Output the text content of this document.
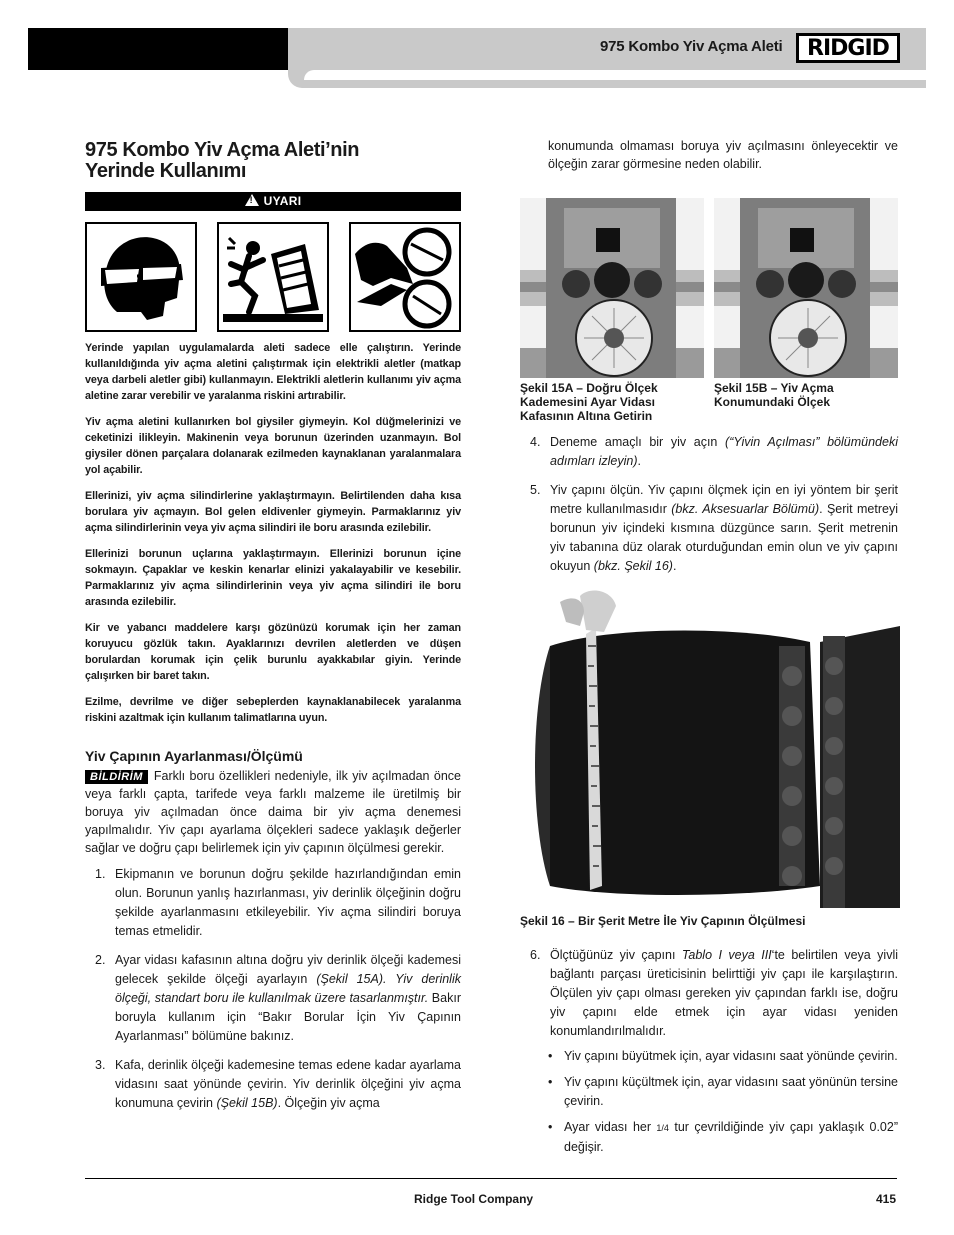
975 Kombo Yiv Açma Aleti	RIDGID
975 Kombo Yiv Açma Aleti’nin
Yerinde Kullanımı
!UYARI

Yerinde yapılan uygulamalarda aleti sadece elle çalıştırın. Yerinde kullanıldığında yiv açma aletini çalıştırmak için elektrikli aletler (matkap veya darbeli aletler gibi) kullanmayın. Elektrikli aletlerin kullanımı yiv açma aletine zarar verebilir ve yaralanma riskini artırabilir.

Yiv açma aletini kullanırken bol giysiler giymeyin. Kol düğmelerinizi ve ceketinizi ilikleyin. Makinenin veya borunun üzerinden uzanmayın. Bol giysiler dönen parçalara dolanarak ezilmeden kaynaklanan yaralanmalara yol açabilir.

Ellerinizi, yiv açma silindirlerine yaklaştırmayın. Belirtilenden daha kısa borulara yiv açmayın. Bol gelen eldivenler giymeyin. Parmaklarınız yiv açma silindirlerinin veya yiv açma silindiri ile boru arasında ezilebilir.

Ellerinizi borunun uçlarına yaklaştırmayın. Ellerinizi borunun içine sokmayın. Çapaklar ve keskin kenarlar elinizi yakalayabilir ve kesebilir. Parmaklarınız yiv açma silindirlerinin veya yiv açma silindiri ile boru arasında ezilebilir.

Kir ve yabancı maddelere karşı gözünüzü korumak için her zaman koruyucu gözlük takın. Ayaklarınızı devrilen aletlerden ve düşen borulardan korumak için çelik burunlu ayakkabılar giyin. Yerinde çalışırken bir baret takın.

Ezilme, devrilme ve diğer sebeplerden kaynaklanabilecek yaralanma riskini azaltmak için kullanım talimatlarına uyun.

Yiv Çapının Ayarlanması/Ölçümü

BİLDİRİM Farklı boru özellikleri nedeniyle, ilk yiv açılmadan önce veya farklı çapta, tarifede veya farklı malzeme ile üretilmiş bir boruya yiv açılmadan önce daima bir yiv açma denemesi yapılmalıdır. Yiv çapı ayarlama ölçekleri sadece yaklaşık değerler sağlar ve doğru çapı belirlemek için yiv çapının ölçülmesi gerekir.

1. Ekipmanın ve borunun doğru şekilde hazırlandığından emin olun. Borunun yanlış hazırlanması, yiv derinlik ölçeğinin doğru şekilde ayarlanmasını etkileyebilir. Yiv açma silindiri boruya temas etmelidir.
2. Ayar vidası kafasının altına doğru yiv derinlik ölçeği kademesi gelecek şekilde ölçeği ayarlayın (Şekil 15A). Yiv derinlik ölçeği, standart boru ile kullanılmak üzere tasarlanmıştır. Bakır boruyla kullanım için “Bakır Borular İçin Yiv Çapının Ayarlanması” bölümüne bakınız.
3. Kafa, derinlik ölçeği kademesine temas edene kadar ayarlama vidasını saat yönünde çevirin. Yiv derinlik ölçeğini yiv açma konumuna çevirin (Şekil 15B). Ölçeğin yiv açma

konumunda olmaması boruya yiv açılmasını önleyecektir ve ölçeğin zarar görmesine neden olabilir.

Şekil 15A – Doğru Ölçek Kademesini Ayar Vidası Kafasının Altına Getirin
Şekil 15B – Yiv Açma Konumundaki Ölçek
4. Deneme amaçlı bir yiv açın (“Yivin Açılması” bölümündeki adımları izleyin).
5. Yiv çapını ölçün. Yiv çapını ölçmek için en iyi yöntem bir şerit metre kullanılmasıdır (bkz. Aksesuarlar Bölümü). Şerit metreyi borunun yiv içindeki kısmına düzgünce sarın. Şerit metrenin yiv tabanına düz olarak oturduğundan emin olun ve yiv çapını okuyun (bkz. Şekil 16).
Şekil 16 – Bir Şerit Metre İle Yiv Çapının Ölçülmesi
6. Ölçtüğünüz yiv çapını Tablo I veya III‘te belirtilen veya yivli bağlantı parçası üreticisinin belirttiği yiv çapı ile karşılaştırın. Ölçülen yiv çapı olması gereken yiv çapından farklı ise, doğru yiv çapını elde etmek için ayar vidası yeniden konumlandırılmalıdır.
• Yiv çapını büyütmek için, ayar vidasını saat yönünde çevirin.
• Yiv çapını küçültmek için, ayar vidasını saat yönünün tersine çevirin.
• Ayar vidası her 1/4 tur çevrildiğinde yiv çapı yaklaşık 0.02” değişir.
Ridge Tool Company	415
